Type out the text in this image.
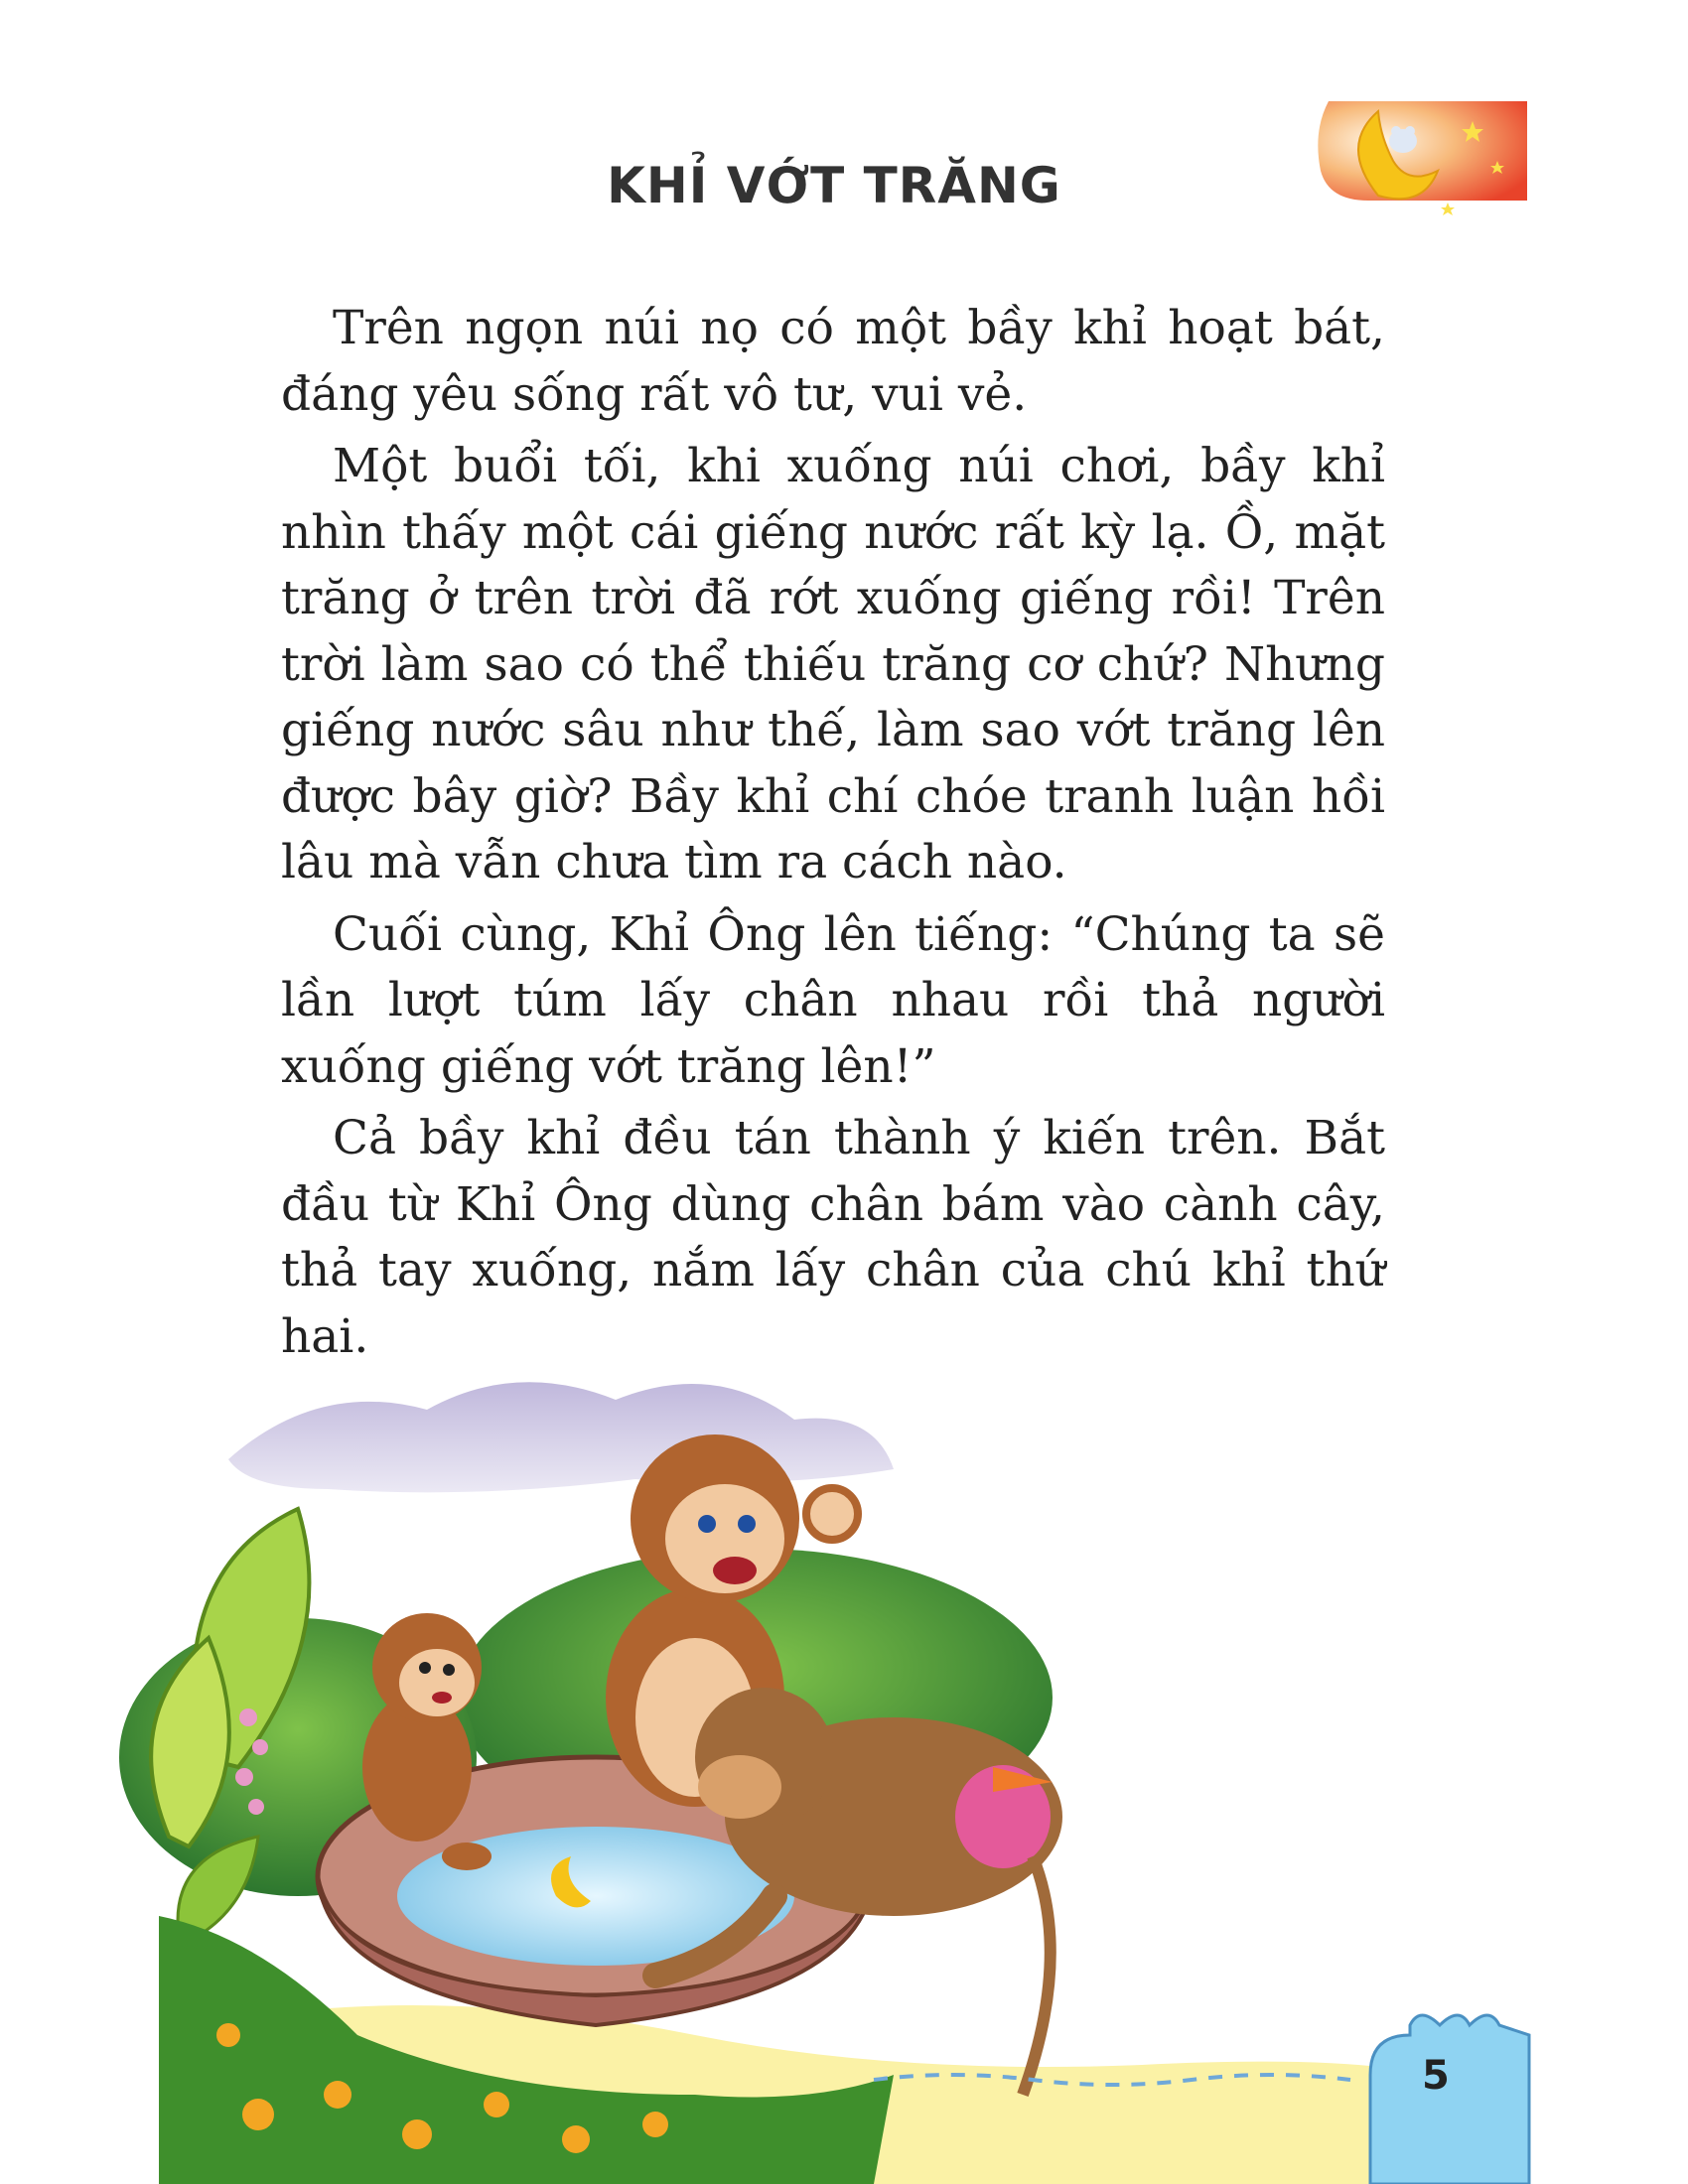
KHỈ VỚT TRĂNG

Trên ngọn núi nọ có một bầy khỉ hoạt bát, đáng yêu sống rất vô tư, vui vẻ.

Một buổi tối, khi xuống núi chơi, bầy khỉ nhìn thấy một cái giếng nước rất kỳ lạ. Ồ, mặt trăng ở trên trời đã rớt xuống giếng rồi! Trên trời làm sao có thể thiếu trăng cơ chứ? Nhưng giếng nước sâu như thế, làm sao vớt trăng lên được bây giờ? Bầy khỉ chí chóe tranh luận hồi lâu mà vẫn chưa tìm ra cách nào.

Cuối cùng, Khỉ Ông lên tiếng: “Chúng ta sẽ lần lượt túm lấy chân nhau rồi thả người xuống giếng vớt trăng lên!”

Cả bầy khỉ đều tán thành ý kiến trên. Bắt đầu từ Khỉ Ông dùng chân bám vào cành cây, thả tay xuống, nắm lấy chân của chú khỉ thứ hai.

5
